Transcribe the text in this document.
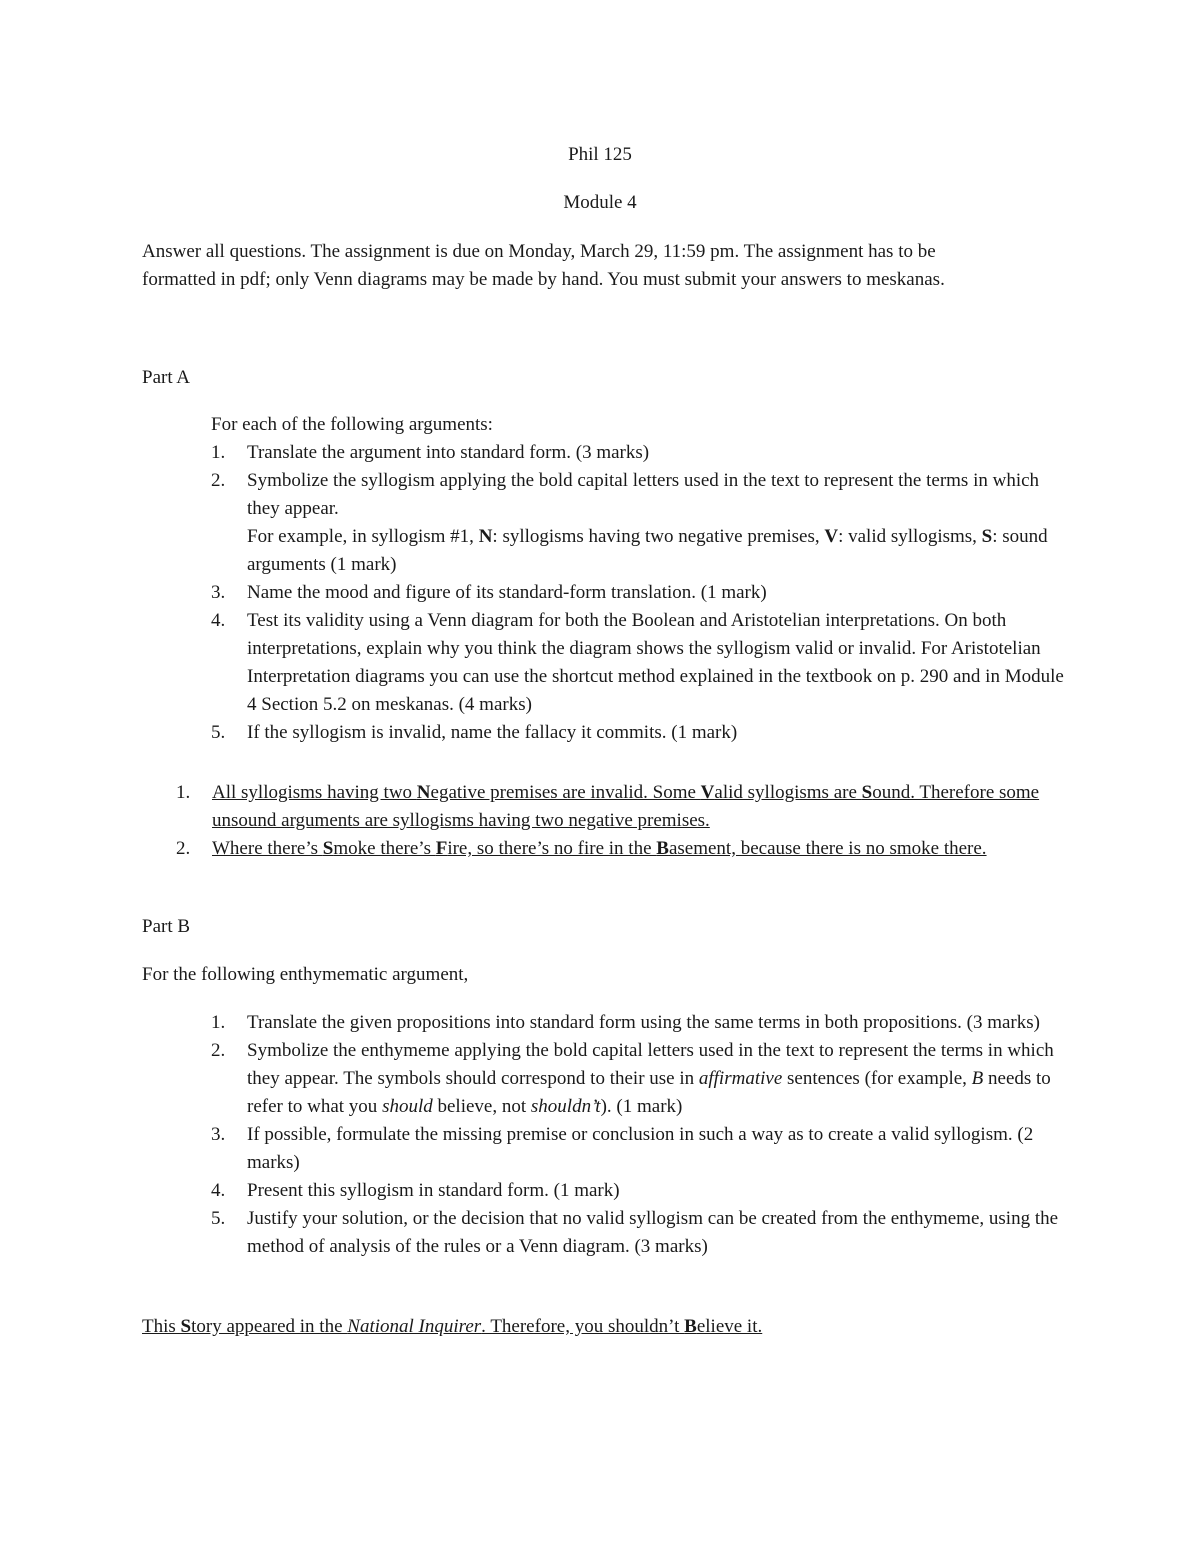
Phil 125
Module 4

Answer all questions. The assignment is due on Monday, March 29, 11:59 pm. The assignment has to be

formatted in pdf; only Venn diagrams may be made by hand. You must submit your answers to meskanas.

Part A
For each of the following arguments:
1.	Translate the argument into standard form. (3 marks)
2.	Symbolize the syllogism applying the bold capital letters used in the text to represent the terms in which they appear.
For example, in syllogism #1, N: syllogisms having two negative premises, V: valid syllogisms, S: sound arguments (1 mark)
3.	Name the mood and figure of its standard-form translation. (1 mark)
4.	Test its validity using a Venn diagram for both the Boolean and Aristotelian interpretations. On both interpretations, explain why you think the diagram shows the syllogism valid or invalid. For Aristotelian Interpretation diagrams you can use the shortcut method explained in the textbook on p. 290 and in Module 4 Section 5.2 on meskanas. (4 marks)
5.	If the syllogism is invalid, name the fallacy it commits. (1 mark)
1.	All syllogisms having two Negative premises are invalid. Some Valid syllogisms are Sound. Therefore some unsound arguments are syllogisms having two negative premises.
2.	Where there’s Smoke there’s Fire, so there’s no fire in the Basement, because there is no smoke there.
Part B
For the following enthymematic argument,
1.	Translate the given propositions into standard form using the same terms in both propositions. (3 marks)
2.	Symbolize the enthymeme applying the bold capital letters used in the text to represent the terms in which they appear. The symbols should correspond to their use in affirmative sentences (for example, B needs to refer to what you should believe, not shouldn’t). (1 mark)
3.	If possible, formulate the missing premise or conclusion in such a way as to create a valid syllogism. (2 marks)
4.	Present this syllogism in standard form. (1 mark)
5.	Justify your solution, or the decision that no valid syllogism can be created from the enthymeme, using the method of analysis of the rules or a Venn diagram. (3 marks)
This Story appeared in the National Inquirer. Therefore, you shouldn’t Believe it.
